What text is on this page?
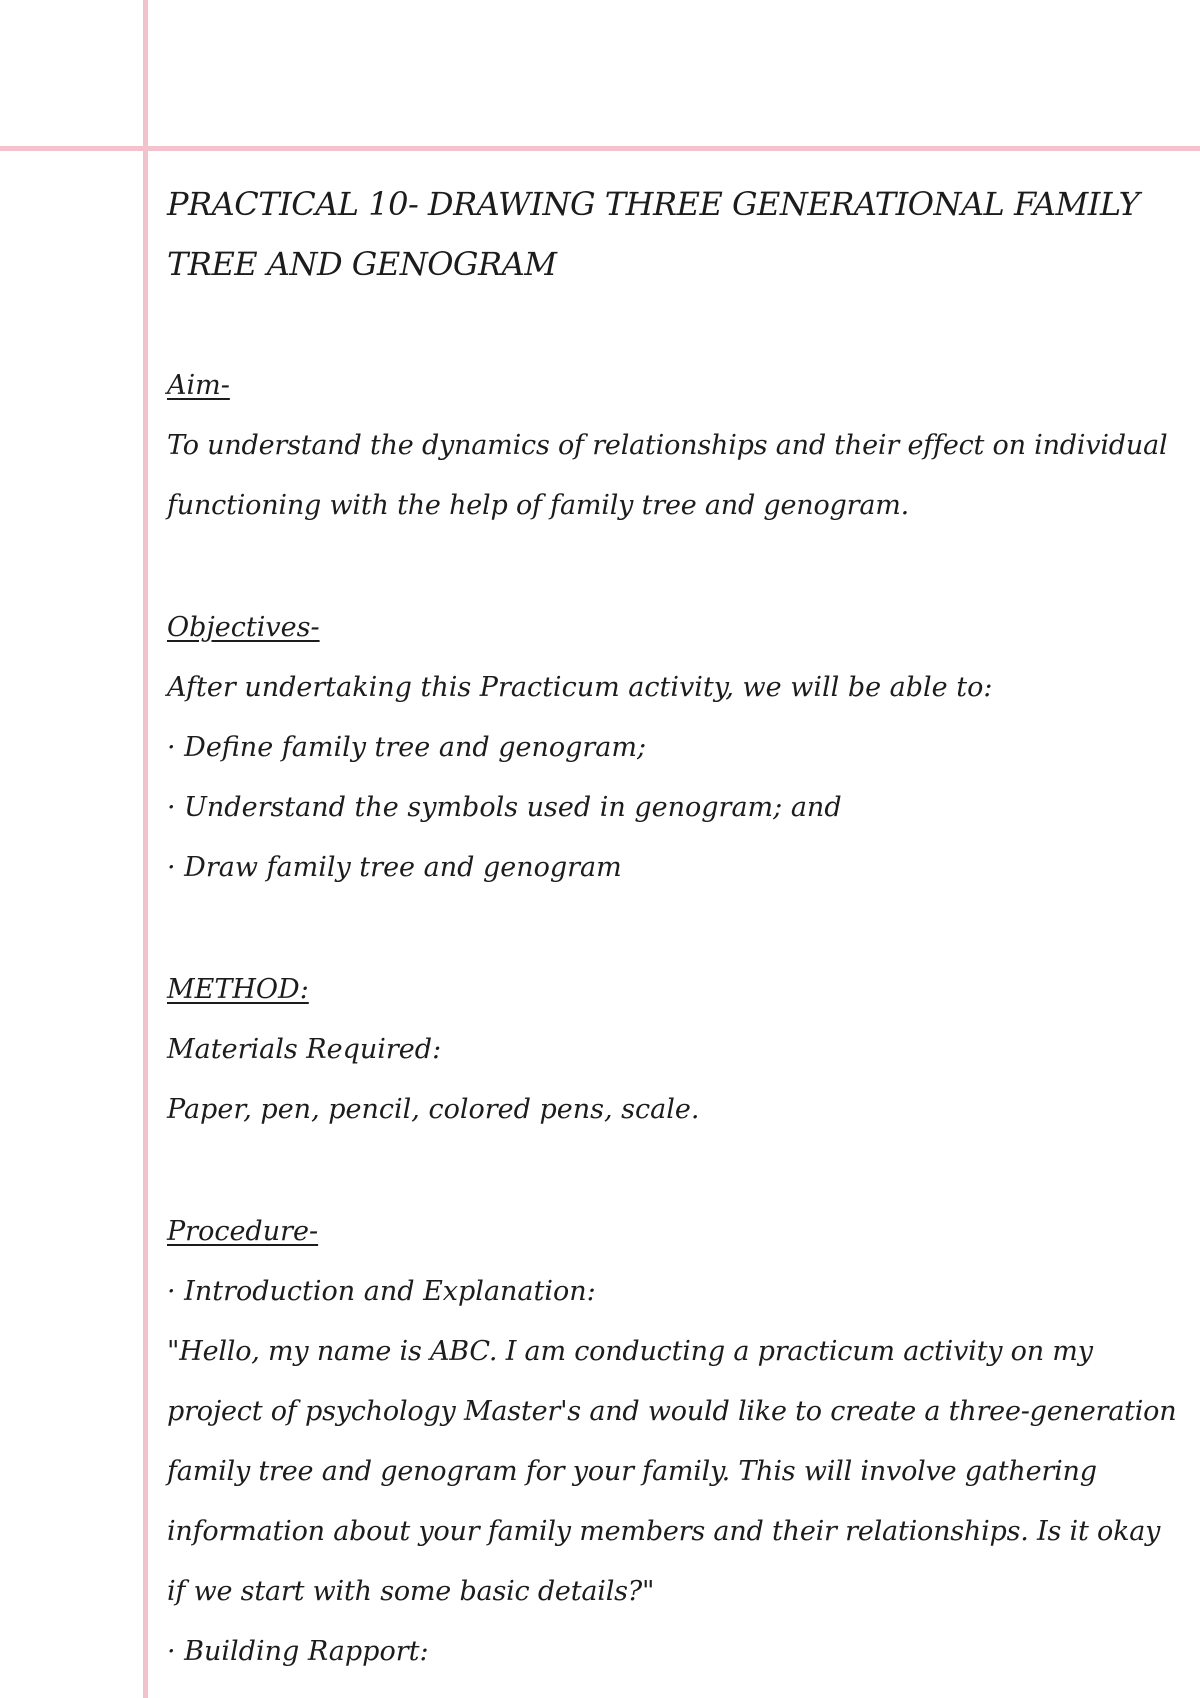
PRACTICAL 10- DRAWING THREE GENERATIONAL FAMILY TREE AND GENOGRAM
Aim-

To understand the dynamics of relationships and their effect on individual functioning with the help of family tree and genogram.

Objectives-

After undertaking this Practicum activity, we will be able to:

· Define family tree and genogram;

· Understand the symbols used in genogram; and

· Draw family tree and genogram

METHOD:

Materials Required:

Paper, pen, pencil, colored pens, scale.

Procedure-

· Introduction and Explanation:

"Hello, my name is ABC. I am conducting a practicum activity on my project of psychology Master's and would like to create a three-generation family tree and genogram for your family. This will involve gathering information about your family members and their relationships. Is it okay if we start with some basic details?"

· Building Rapport:
